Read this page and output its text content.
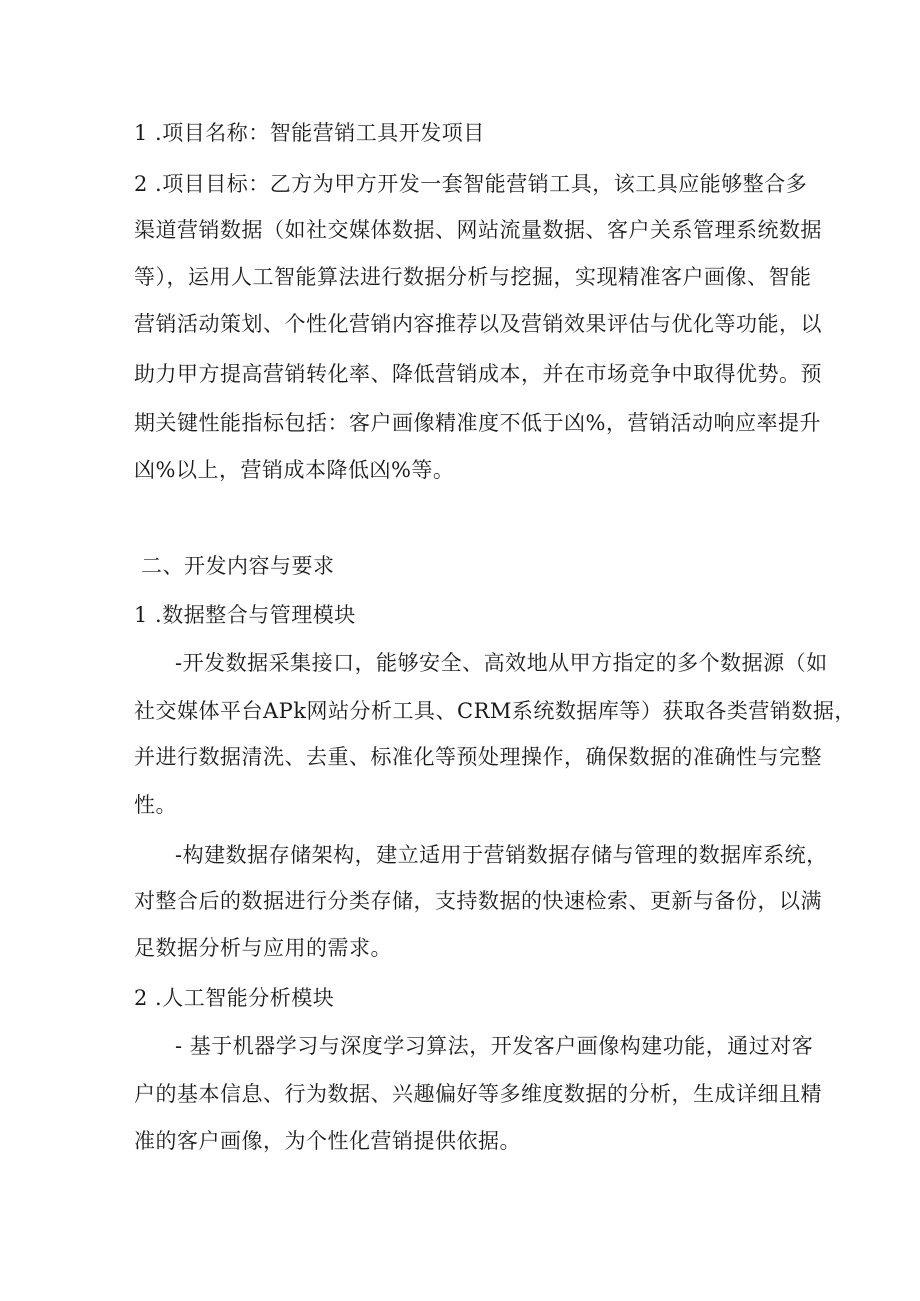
1 .项目名称：智能营销工具开发项目
2 .项目目标：乙方为甲方开发一套智能营销工具，该工具应能够整合多
渠道营销数据（如社交媒体数据、网站流量数据、客户关系管理系统数据
等），运用人工智能算法进行数据分析与挖掘，实现精准客户画像、智能
营销活动策划、个性化营销内容推荐以及营销效果评估与优化等功能，以
助力甲方提高营销转化率、降低营销成本，并在市场竞争中取得优势。预
期关键性能指标包括：客户画像精准度不低于凶%，营销活动响应率提升
凶%以上，营销成本降低凶%等。
二、开发内容与要求
1 .数据整合与管理模块
-开发数据采集接口，能够安全、高效地从甲方指定的多个数据源（如
社交媒体平台APk网站分析工具、CRM系统数据库等）获取各类营销数据，
并进行数据清洗、去重、标准化等预处理操作，确保数据的准确性与完整
性。
-构建数据存储架构，建立适用于营销数据存储与管理的数据库系统，
对整合后的数据进行分类存储，支持数据的快速检索、更新与备份，以满
足数据分析与应用的需求。
2 .人工智能分析模块
- 基于机器学习与深度学习算法，开发客户画像构建功能，通过对客
户的基本信息、行为数据、兴趣偏好等多维度数据的分析，生成详细且精
准的客户画像，为个性化营销提供依据。
